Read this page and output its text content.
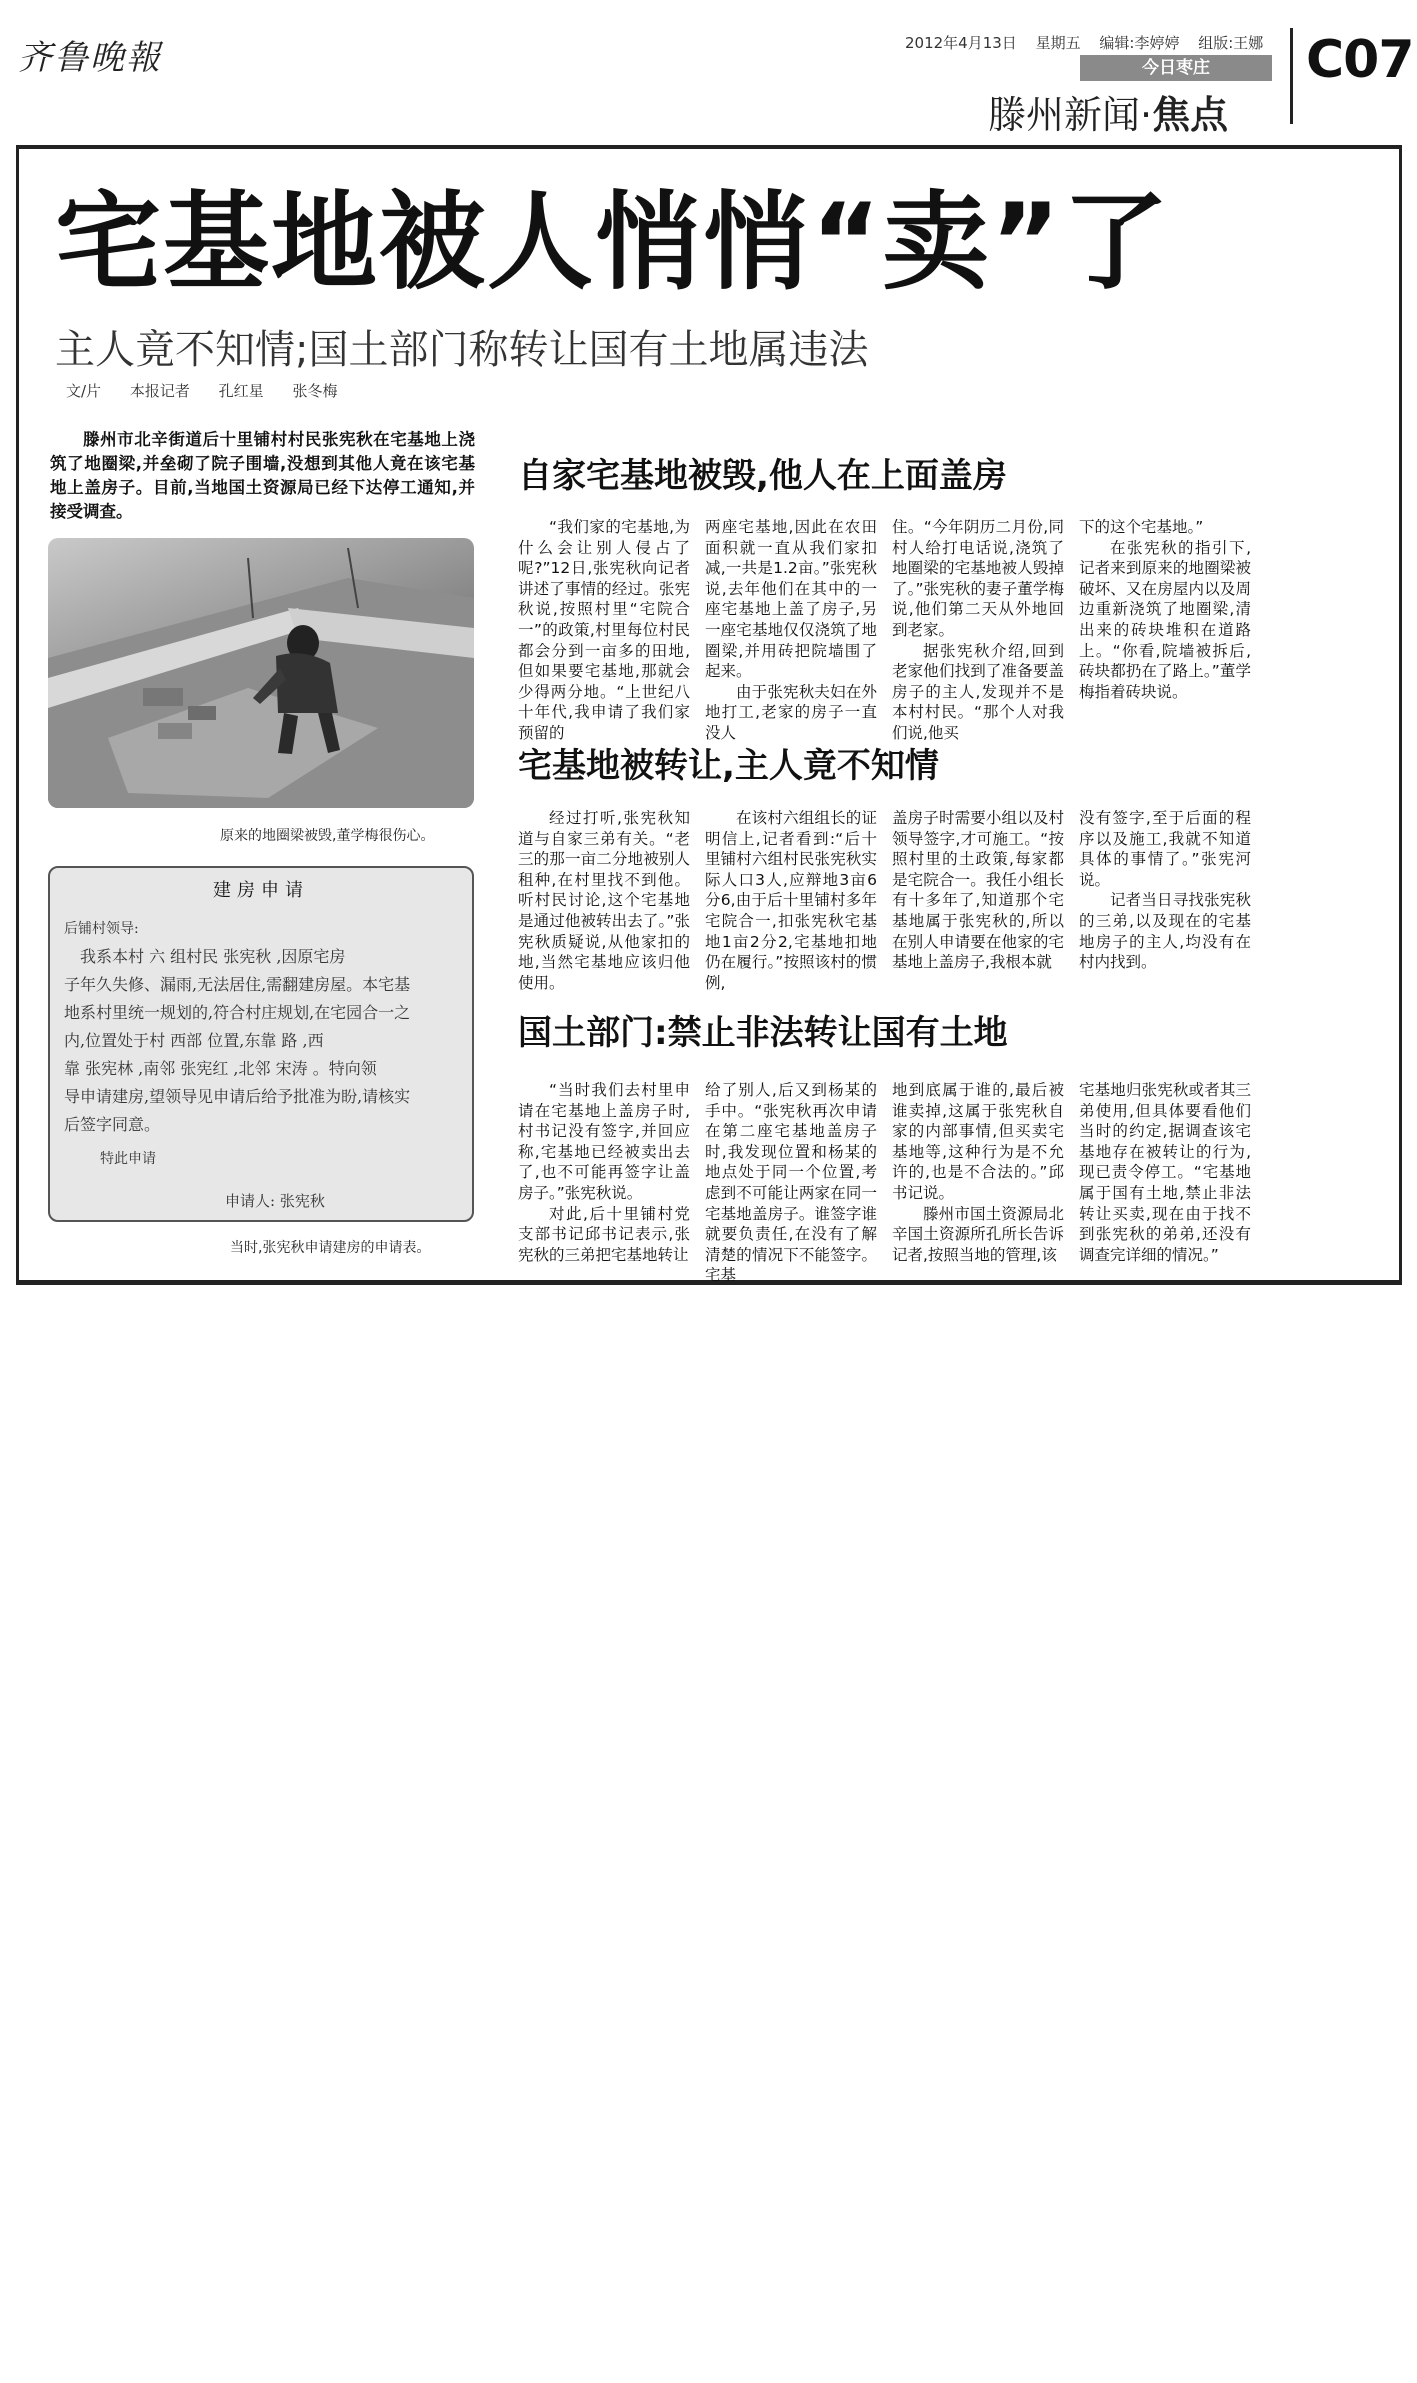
齐鲁晚報	2012年4月13日 星期五 编辑:李婷婷 组版:王娜
今日枣庄
滕州新闻·焦点
C07
宅基地被人悄悄“卖”了
主人竟不知情;国土部门称转让国有土地属违法
文/片 本报记者 孔红星 张冬梅
滕州市北辛街道后十里铺村村民张宪秋在宅基地上浇筑了地圈梁,并垒砌了院子围墙,没想到其他人竟在该宅基地上盖房子。目前,当地国土资源局已经下达停工通知,并接受调查。
原来的地圈梁被毁,董学梅很伤心。
建房申请
后铺村领导:
我系本村 六 组村民 张宪秋 ,因原宅房
子年久失修、漏雨,无法居住,需翻建房屋。本宅基
地系村里统一规划的,符合村庄规划,在宅园合一之
内,位置处于村 西部 位置,东靠 路 ,西
靠 张宪林 ,南邻 张宪红 ,北邻 宋涛 。特向领
导申请建房,望领导见申请后给予批准为盼,请核实
后签字同意。
特此申请
申请人: 张宪秋
当时,张宪秋申请建房的申请表。
自家宅基地被毁,他人在上面盖房

“我们家的宅基地,为什么会让别人侵占了呢?”12日,张宪秋向记者讲述了事情的经过。张宪秋说,按照村里“宅院合一”的政策,村里每位村民都会分到一亩多的田地,但如果要宅基地,那就会少得两分地。“上世纪八十年代,我申请了我们家预留的

两座宅基地,因此在农田面积就一直从我们家扣减,一共是1.2亩。”张宪秋说,去年他们在其中的一座宅基地上盖了房子,另一座宅基地仅仅浇筑了地圈梁,并用砖把院墙围了起来。

由于张宪秋夫妇在外地打工,老家的房子一直没人

住。“今年阴历二月份,同村人给打电话说,浇筑了地圈梁的宅基地被人毁掉了。”张宪秋的妻子董学梅说,他们第二天从外地回到老家。

据张宪秋介绍,回到老家他们找到了准备要盖房子的主人,发现并不是本村村民。“那个人对我们说,他买

下的这个宅基地。”

在张宪秋的指引下,记者来到原来的地圈梁被破坏、又在房屋内以及周边重新浇筑了地圈梁,清出来的砖块堆积在道路上。“你看,院墙被拆后,砖块都扔在了路上。”董学梅指着砖块说。

宅基地被转让,主人竟不知情

经过打听,张宪秋知道与自家三弟有关。“老三的那一亩二分地被别人租种,在村里找不到他。听村民讨论,这个宅基地是通过他被转出去了。”张宪秋质疑说,从他家扣的地,当然宅基地应该归他使用。

在该村六组组长的证明信上,记者看到:“后十里铺村六组村民张宪秋实际人口3人,应辩地3亩6分6,由于后十里铺村多年宅院合一,扣张宪秋宅基地1亩2分2,宅基地扣地仍在履行。”按照该村的惯例,

盖房子时需要小组以及村领导签字,才可施工。“按照村里的土政策,每家都是宅院合一。我任小组长有十多年了,知道那个宅基地属于张宪秋的,所以在别人申请要在他家的宅基地上盖房子,我根本就

没有签字,至于后面的程序以及施工,我就不知道具体的事情了。”张宪河说。

记者当日寻找张宪秋的三弟,以及现在的宅基地房子的主人,均没有在村内找到。

国土部门:禁止非法转让国有土地

“当时我们去村里申请在宅基地上盖房子时,村书记没有签字,并回应称,宅基地已经被卖出去了,也不可能再签字让盖房子。”张宪秋说。

对此,后十里铺村党支部书记邱书记表示,张宪秋的三弟把宅基地转让

给了别人,后又到杨某的手中。“张宪秋再次申请在第二座宅基地盖房子时,我发现位置和杨某的地点处于同一个位置,考虑到不可能让两家在同一宅基地盖房子。谁签字谁就要负责任,在没有了解清楚的情况下不能签字。宅基

地到底属于谁的,最后被谁卖掉,这属于张宪秋自家的内部事情,但买卖宅基地等,这种行为是不允许的,也是不合法的。”邱书记说。

滕州市国土资源局北辛国土资源所孔所长告诉记者,按照当地的管理,该

宅基地归张宪秋或者其三弟使用,但具体要看他们当时的约定,据调查该宅基地存在被转让的行为,现已责令停工。“宅基地属于国有土地,禁止非法转让买卖,现在由于找不到张宪秋的弟弟,还没有调查完详细的情况。”
